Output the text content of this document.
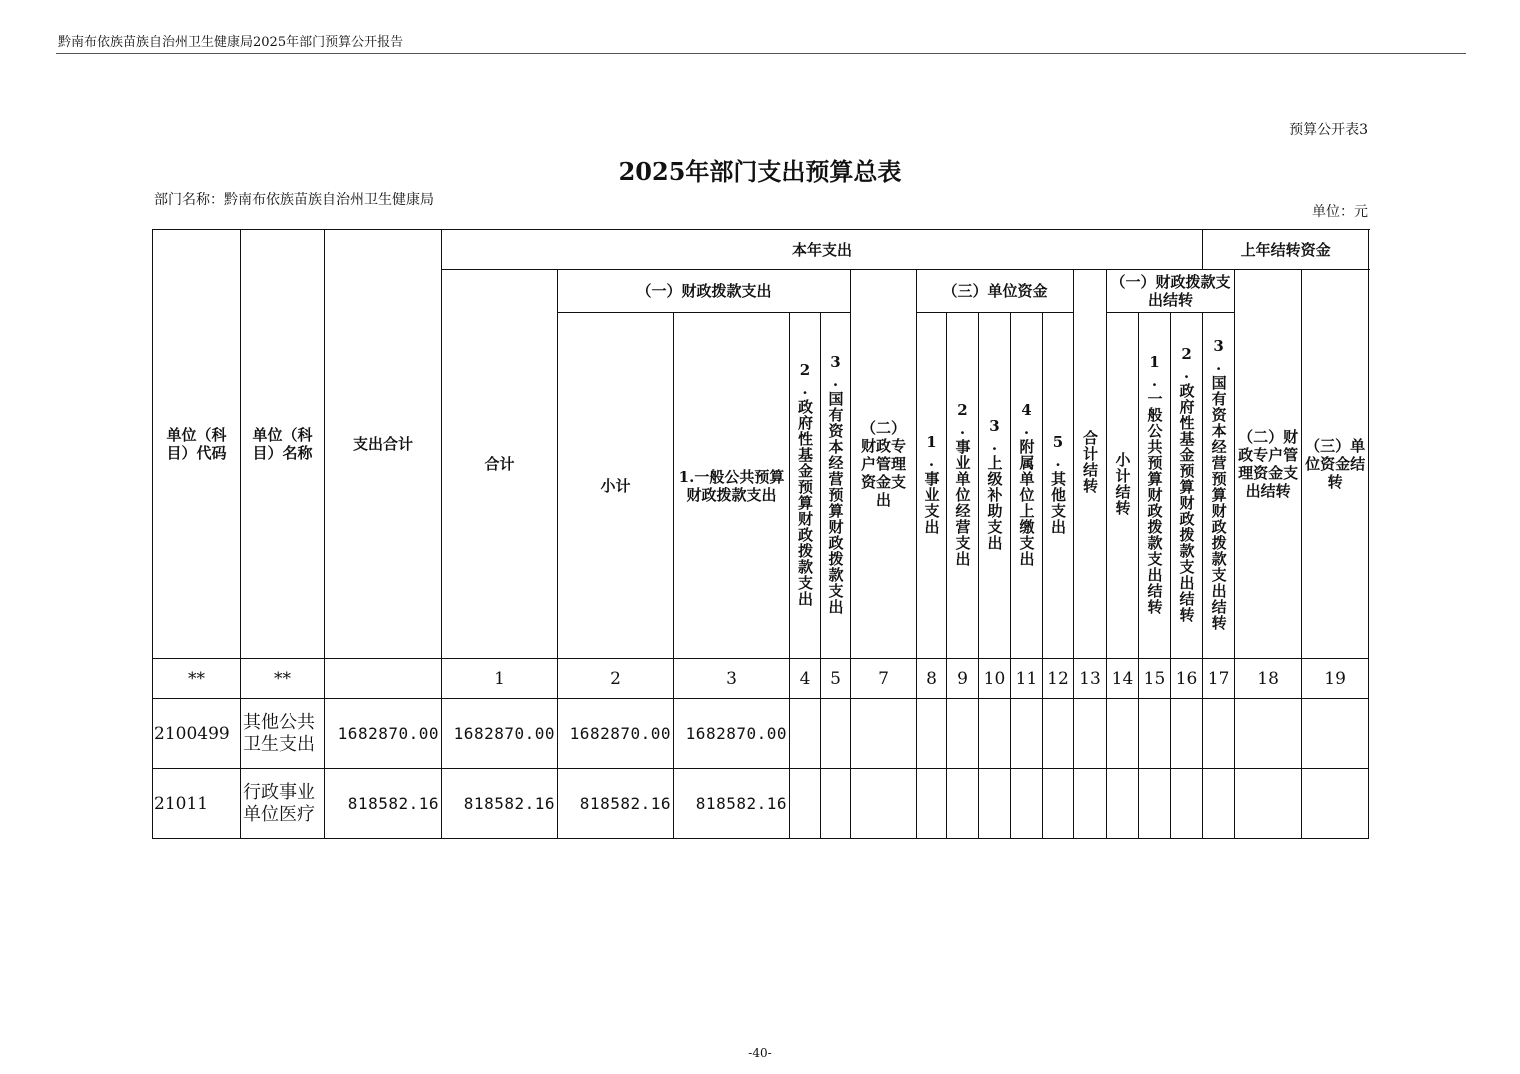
黔南布依族苗族自治州卫生健康局2025年部门预算公开报告
预算公开表3
2025年部门支出预算总表
部门名称：黔南布依族苗族自治州卫生健康局
单位：元
单位（科目）代码	单位（科目）名称	支出合计	本年支出															上年结转资金		
			合计	（一）财政拨款支出				（二）财政专户管理资金支出	（三）单位资金					合计结转	（一）财政拨款支出结转				（二）财政专户管理资金支出结转	（三）单位资金结转

				小计	1.一般公共预算财政拨款支出	2.政府性基金预算财政拨款支出	3.国有资本经营预算财政拨款支出		1.事业支出	2.事业单位经营支出	3.上级补助支出	4.附属单位上缴支出	5.其他支出		小计结转	1.一般公共预算财政拨款支出结转	2.政府性基金预算财政拨款支出结转	3.国有资本经营预算财政拨款支出结转		
**	**		1	2	3	4	5	7	8	9	10	11	12	13	14	15	16	17	18	19
2100499	其他公共卫生支出	1682870.00	1682870.00	1682870.00	1682870.00															
21011	行政事业单位医疗	818582.16	818582.16	818582.16	818582.16															
-40-
